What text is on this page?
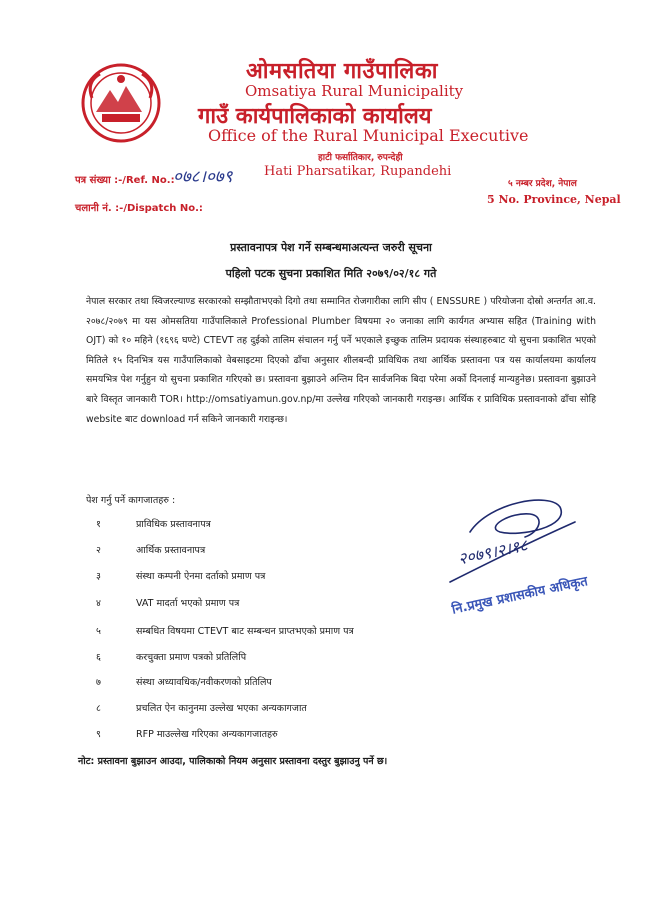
ओमसतिया गाउँपालिका
Omsatiya Rural Municipality
गाउँ कार्यपालिकाको कार्यालय
Office of the Rural Municipal Executive
हाटी फर्सातिकार, रुपन्देही
Hati Pharsatikar, Rupandehi
पत्र संख्या :-/Ref. No.:
०७८।०७९
चलानी नं. :-/Dispatch No.:
५ नम्बर प्रदेश, नेपाल
5 No. Province, Nepal
प्रस्तावनापत्र पेश गर्ने सम्बन्धमाअत्यन्त जरुरी सूचना
पहिलो पटक सुचना प्रकाशित मिति २०७९/०२/१८ गते
नेपाल सरकार तथा स्विजरल्याण्ड सरकारको सम्झौताभएको दिगो तथा सम्मानित रोजगारीका लागि सीप ( ENSSURE ) परियोजना दोस्रो अन्तर्गत आ.व. २०७८/२०७९ मा यस ओमसतिया गाउँपालिकाले Professional Plumber विषयमा २० जनाका लागि कार्यगत अभ्यास सहित (Training with OJT) को १० महिने (१६९६ घण्टे) CTEVT तह दुईको तालिम संचालन गर्नु पर्ने भएकाले इच्छुक तालिम प्रदायक संस्थाहरुबाट यो सुचना प्रकाशित भएको मितिले १५ दिनभित्र यस गाउँपालिकाको वेबसाइटमा दिएको ढाँचा अनुसार शीलबन्दी प्राविधिक तथा आर्थिक प्रस्तावना पत्र यस कार्यालयमा कार्यालय समयभित्र पेश गर्नुहुन यो सुचना प्रकाशित गरिएको छ। प्रस्तावना बुझाउने अन्तिम दिन सार्वजनिक बिदा परेमा अर्को दिनलाई मान्यहुनेछ। प्रस्तावना बुझाउने बारे विस्तृत जानकारी TOR। http://omsatiyamun.gov.np/मा उल्लेख गरिएको जानकारी गराइन्छ। आर्थिक र प्राविधिक प्रस्तावनाको ढाँचा सोहि website बाट download गर्न सकिने जानकारी गराइन्छ।
पेश गर्नु पर्ने कागजातहरु :
१	प्राविधिक प्रस्तावनापत्र
२	आर्थिक प्रस्तावनापत्र
३	संस्था कम्पनी ऐनमा दर्ताको प्रमाण पत्र
४	VAT मादर्ता भएको प्रमाण पत्र
५	सम्बधित विषयमा CTEVT बाट सम्बन्धन प्राप्तभएको प्रमाण पत्र
६	करचुक्ता प्रमाण पत्रको प्रतिलिपि
७	संस्था अध्यावधिक/नवीकरणको प्रतिलिप
८	प्रचलित ऐन कानुनमा उल्लेख भएका अन्यकागजात
९	RFP माउल्लेख गरिएका अन्यकागजातहरु
नोट: प्रस्तावना बुझाउन आउदा, पालिकाको नियम अनुसार प्रस्तावना दस्तुर बुझाउनु पर्ने छ।
२०७९।२।१८
नि.प्रमुख प्रशासकीय अधिकृत
